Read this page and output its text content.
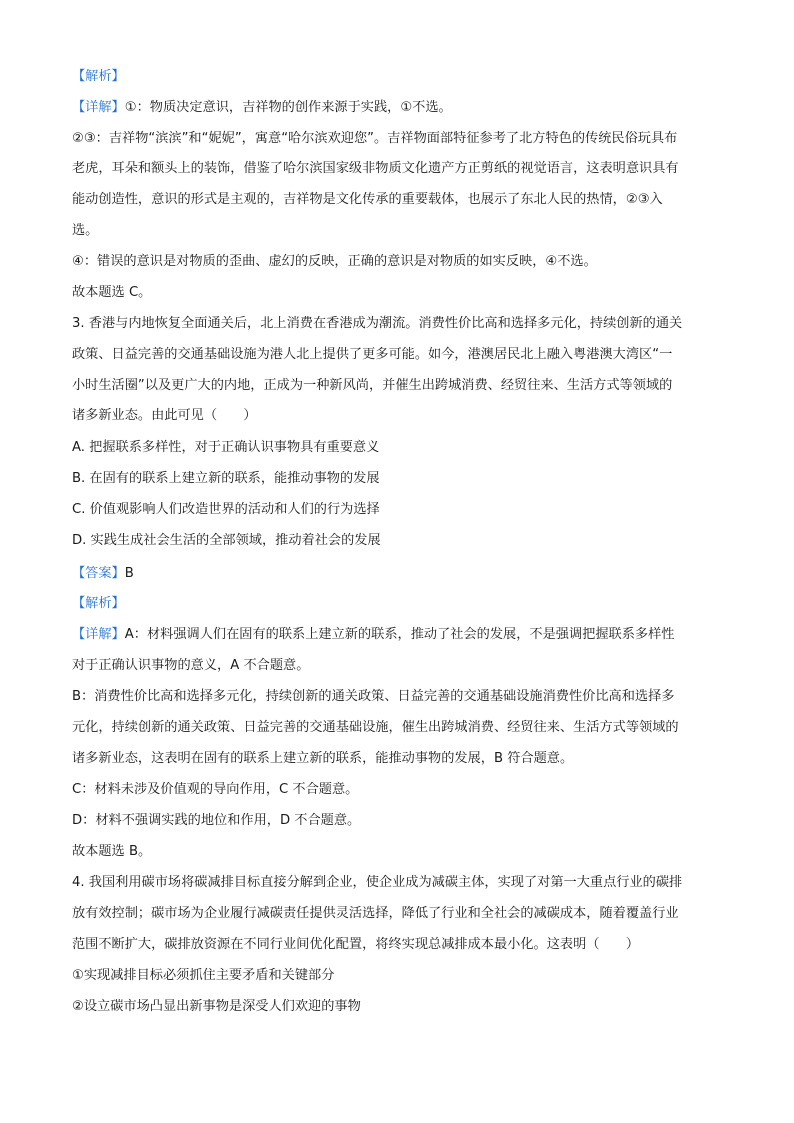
【解析】
【详解】①：物质决定意识，吉祥物的创作来源于实践，①不选。
②③：吉祥物“滨滨”和“妮妮”，寓意“哈尔滨欢迎您”。吉祥物面部特征参考了北方特色的传统民俗玩具布
老虎，耳朵和额头上的装饰，借鉴了哈尔滨国家级非物质文化遗产方正剪纸的视觉语言，这表明意识具有
能动创造性，意识的形式是主观的，吉祥物是文化传承的重要载体，也展示了东北人民的热情，②③入
选。
④：错误的意识是对物质的歪曲、虚幻的反映，正确的意识是对物质的如实反映，④不选。
故本题选 C。
3. 香港与内地恢复全面通关后，北上消费在香港成为潮流。消费性价比高和选择多元化，持续创新的通关
政策、日益完善的交通基础设施为港人北上提供了更多可能。如今，港澳居民北上融入粤港澳大湾区“一
小时生活圈”以及更广大的内地，正成为一种新风尚，并催生出跨城消费、经贸往来、生活方式等领域的
诸多新业态。由此可见（　　）
A. 把握联系多样性，对于正确认识事物具有重要意义
B. 在固有的联系上建立新的联系，能推动事物的发展
C. 价值观影响人们改造世界的活动和人们的行为选择
D. 实践生成社会生活的全部领域，推动着社会的发展
【答案】B
【解析】
【详解】A：材料强调人们在固有的联系上建立新的联系，推动了社会的发展，不是强调把握联系多样性
对于正确认识事物的意义，A 不合题意。
B：消费性价比高和选择多元化，持续创新的通关政策、日益完善的交通基础设施消费性价比高和选择多
元化，持续创新的通关政策、日益完善的交通基础设施，催生出跨城消费、经贸往来、生活方式等领域的
诸多新业态，这表明在固有的联系上建立新的联系，能推动事物的发展，B 符合题意。
C：材料未涉及价值观的导向作用，C 不合题意。
D：材料不强调实践的地位和作用，D 不合题意。
故本题选 B。
4. 我国利用碳市场将碳减排目标直接分解到企业，使企业成为减碳主体，实现了对第一大重点行业的碳排
放有效控制；碳市场为企业履行减碳责任提供灵活选择，降低了行业和全社会的减碳成本，随着覆盖行业
范围不断扩大，碳排放资源在不同行业间优化配置，将终实现总减排成本最小化。这表明（　　）
①实现减排目标必须抓住主要矛盾和关键部分
②设立碳市场凸显出新事物是深受人们欢迎的事物
